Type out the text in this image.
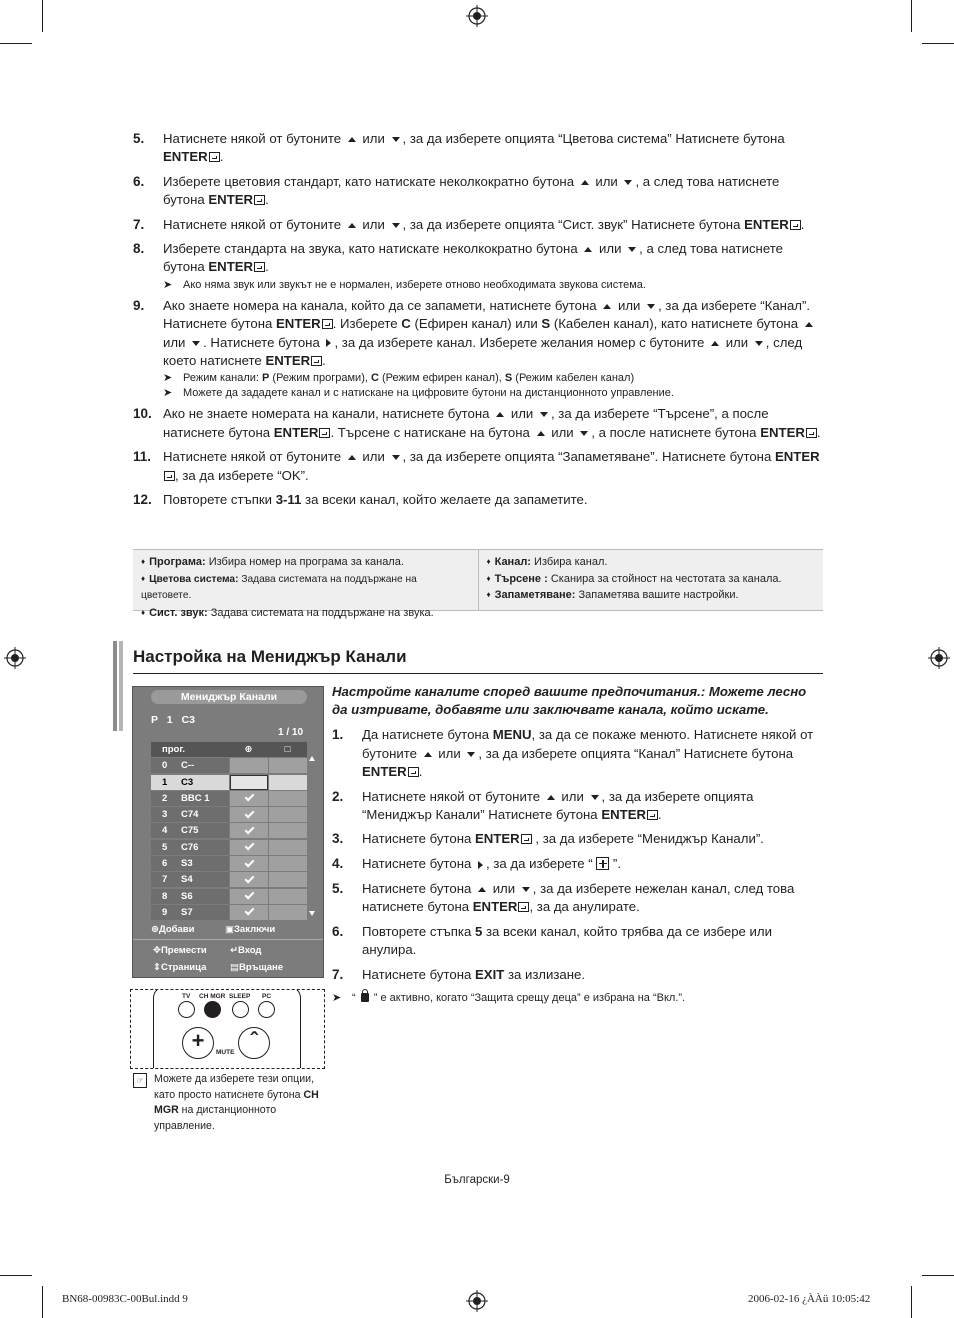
5. Натиснете някой от бутоните  или , за да изберете опцията “Цветова система” Натиснете бутона ENTER .
6. Изберете цветовия стандарт, като натискате неколкократно бутона  или , а след това натиснете бутона ENTER .
7. Натиснете някой от бутоните  или , за да изберете опцията “Сист. звук” Натиснете бутона ENTER .
8. Изберете стандарта на звука, като натискате неколкократно бутона  или , а след това натиснете бутона ENTER .
➤ Ако няма звук или звукът не е нормален, изберете отново необходимата звукова система.
9. Ако знаете номера на канала, който да се запамети, натиснете бутона или , за да изберете “Канал”. Натиснете бутона ENTER . Изберете C (Ефирен канал) или S (Кабелен канал), като натиснете бутона  или . Натиснете бутона , за да изберете канал. Изберете желания номер с бутоните  или , след което натиснете ENTER .
➤ Режим канали: P (Режим програми), C (Режим ефирен канал), S (Режим кабелен канал)
➤ Можете да зададете канал и с натискане на цифровите бутони на дистанционното управление.
10. Ако не знаете номерата на канали, натиснете бутона или , за да изберете “Търсене”, а после натиснете бутона ENTER . Търсене с натискане на бутона  или , а после натиснете бутона ENTER .
11. Натиснете някой от бутоните  или , за да изберете опцията “Запаметяване”. Натиснете бутона ENTER, за да изберете “OK”.
12. Повторете стъпки 3-11 за всеки канал, който желаете да запаметите.
♦ Програма: Избира номер на програма за канала.
♦ Цветова система: Задава системата на поддържане на цветовете.
♦ Сист. звук: Задава системата на поддържане на звука.
♦ Канал: Избира канал.
♦ Търсене : Сканира за стойност на честотата за канала.
♦ Запаметяване: Запаметява вашите настройки.
Настройка на Мениджър Канали
Мениджър Канали
P 1 C3
1 / 10
прог.	⊕	□
0	C--
1	C3
2	BBC 1
3	C74
4	C75
5	C76
6	S3
7	S4
8	S6
9	S7
⊕Добави	▣Заключи
✥Премести ↵Вход
⇕Страница ▤Връщане
TV CH MGR SLEEP PC
+	ˆ
MUTE
☞ Можете да изберете тези опции, като просто натиснете бутона CH MGR на дистанционното управление.
Настройте каналите според вашите предпочитания.: Можете лесно да изтривате, добавяте или заключвате канала, който искате.
1. Да натиснете бутона MENU, за да се покаже менюто. Натиснете някой от бутоните  или , за да изберете опцията “Канал” Натиснете бутона ENTER .
2. Натиснете някой от бутоните  или , за да изберете опцията “Мениджър Канали” Натиснете бутона ENTER .
3. Натиснете бутона ENTER , за да изберете “Мениджър Канали”.
4. Натиснете бутона , за да изберете “  ”.
5. Натиснете бутона  или , за да изберете нежелан канал, след това натиснете бутона ENTER , за да анулирате.
6. Повторете стъпка 5 за всеки канал, който трябва да се избере или анулира.
7. Натиснете бутона EXIT за излизане.
➤ “  ” е активно, когато “Защита срещу деца” е избрана на “Вкл.”.
Български-9
BN68-00983C-00Bul.indd 9	2006-02-16 ¿ÀÀü 10:05:42
